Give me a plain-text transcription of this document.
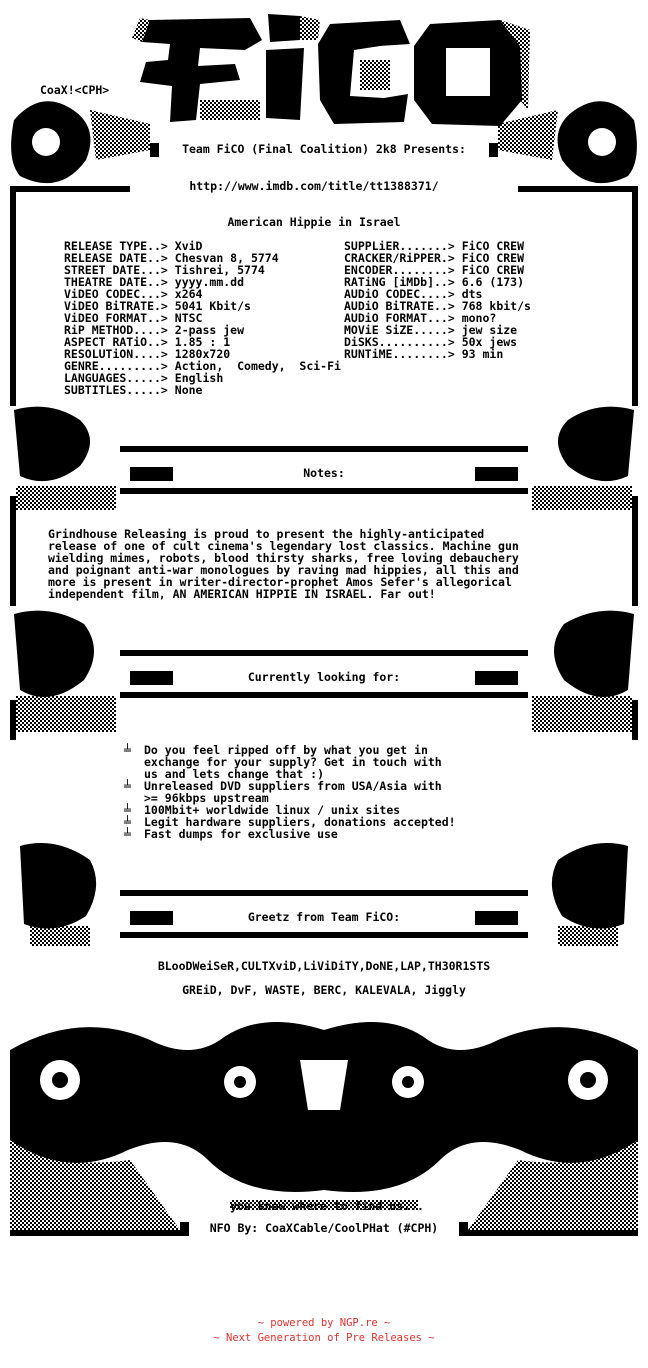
CoaX!<CPH>
Team FiCO (Final Coalition) 2k8 Presents:
http://www.imdb.com/title/tt1388371/
American Hippie in Israel
RELEASE TYPE..> XviD
RELEASE DATE..> Chesvan 8, 5774
STREET DATE...> Tishrei, 5774
THEATRE DATE..> yyyy.mm.dd
ViDEO CODEC...> x264
ViDEO BiTRATE.> 5041 Kbit/s
ViDEO FORMAT..> NTSC
RiP METHOD....> 2-pass jew
ASPECT RATiO..> 1.85 : 1
RESOLUTiON....> 1280x720
GENRE.........> Action,  Comedy,  Sci-Fi
LANGUAGES.....> English
SUBTITLES.....> None
SUPPLiER.......> FiCO CREW
CRACKER/RiPPER.> FiCO CREW
ENCODER........> FiCO CREW
RATiNG [iMDb]..> 6.6 (173)
AUDiO CODEC....> dts
AUDiO BiTRATE..> 768 kbit/s
AUDiO FORMAT...> mono?
MOViE SiZE.....> jew size
DiSKS..........> 50x jews
RUNTiME........> 93 min
Notes:
Grindhouse Releasing is proud to present the highly-anticipated
release of one of cult cinema's legendary lost classics. Machine gun
wielding mimes, robots, blood thirsty sharks, free loving debauchery
and poignant anti-war monologues by raving mad hippies, all this and
more is present in writer-director-prophet Amos Sefer's allegorical
independent film, AN AMERICAN HIPPIE IN ISRAEL. Far out!
Currently looking for:
╧ Do you feel ripped off by what you get in
exchange for your supply? Get in touch with
us and lets change that :)
╧ Unreleased DVD suppliers from USA/Asia with
>= 96kbps upstream
╧ 100Mbit+ worldwide linux / unix sites
╧ Legit hardware suppliers, donations accepted!
╧ Fast dumps for exclusive use
Greetz from Team FiCO:
BLooDWeiSeR,CULTXviD,LiViDiTY,DoNE,LAP,TH30R1STS
GREiD, DvF, WASTE, BERC, KALEVALA, Jiggly
you know where to find us...
NFO By: CoaXCable/CoolPHat (#CPH)
~ powered by NGP.re ~
~ Next Generation of Pre Releases ~
